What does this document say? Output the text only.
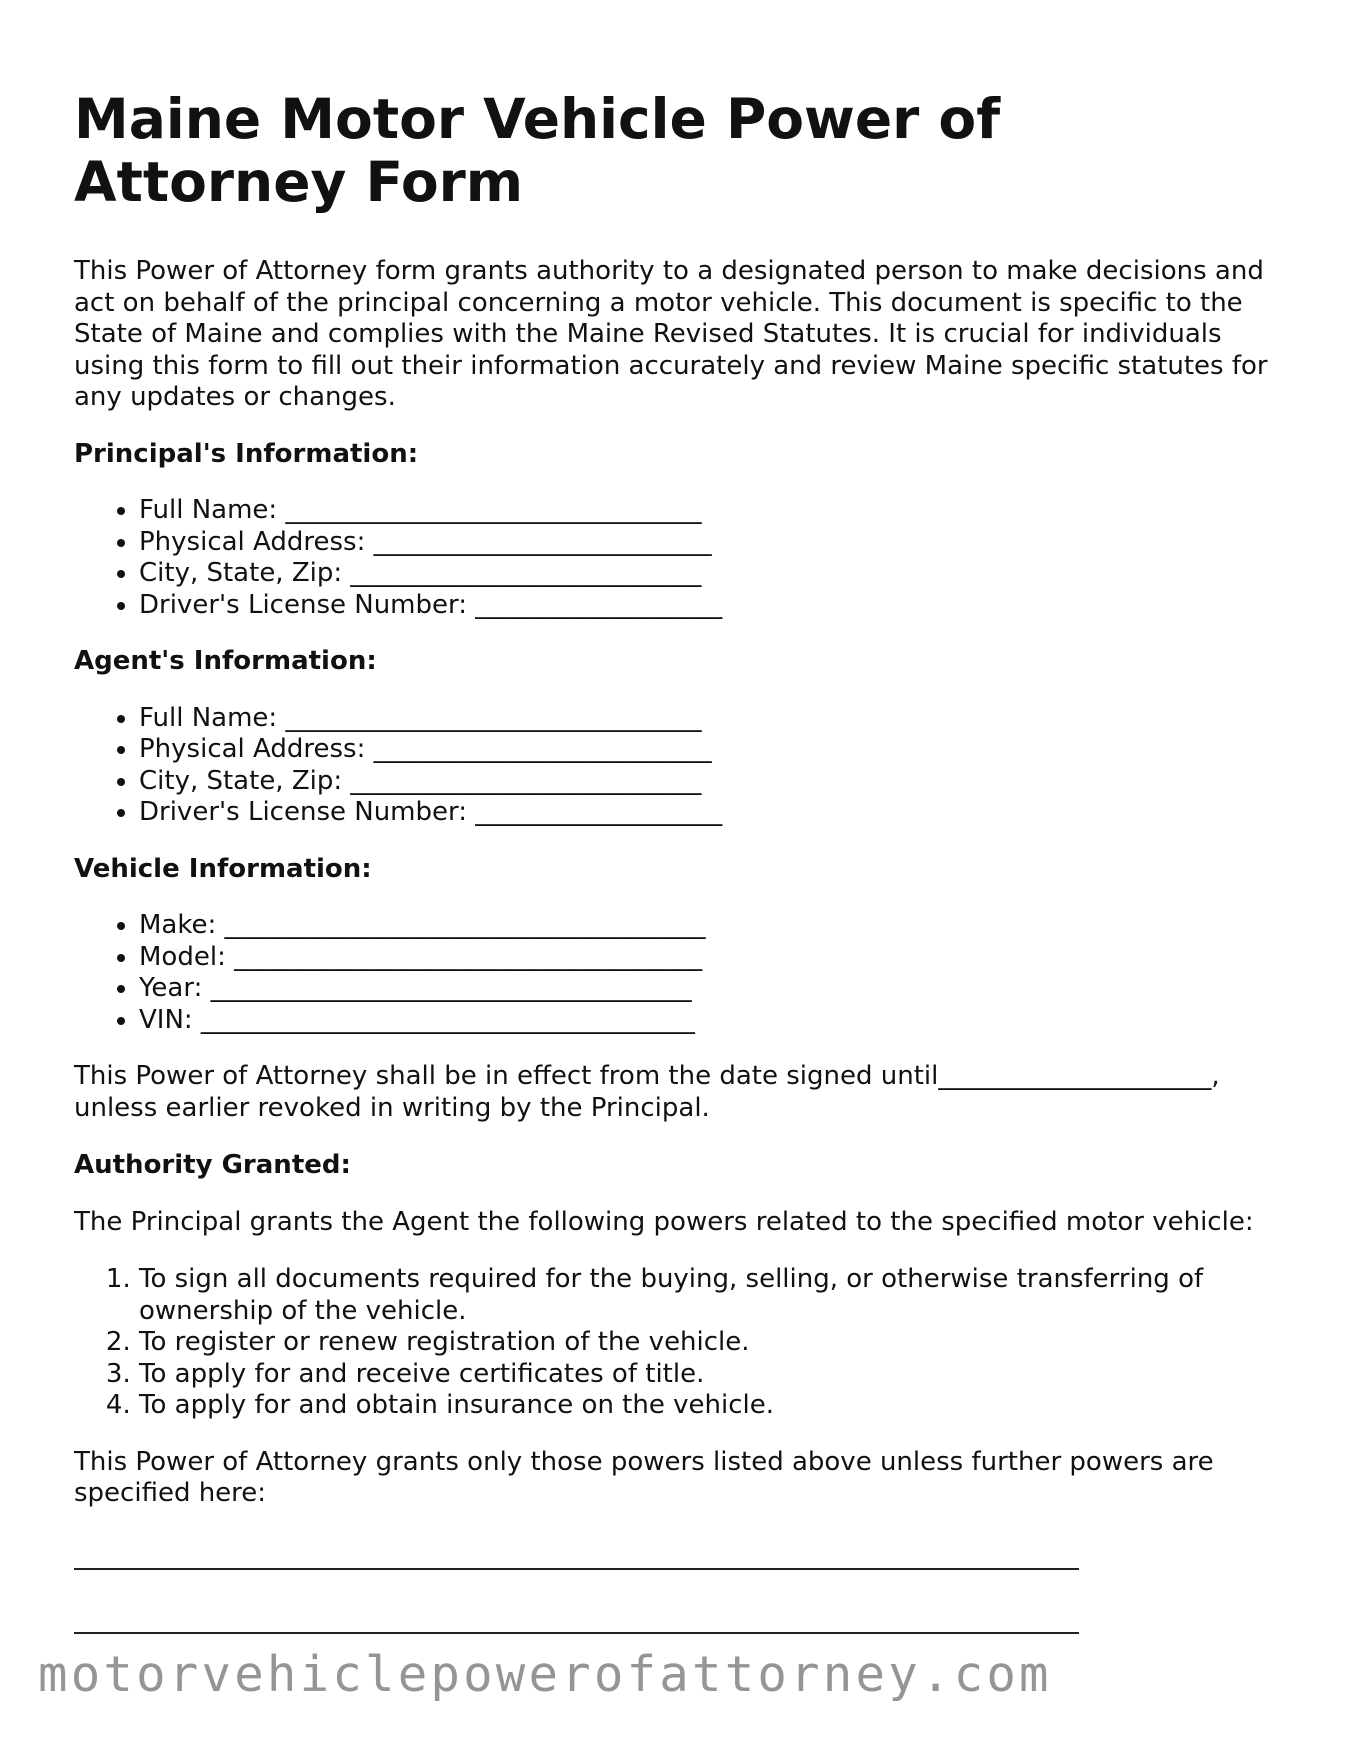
Maine Motor Vehicle Power of Attorney Form

This Power of Attorney form grants authority to a designated person to make decisions and act on behalf of the principal concerning a motor vehicle. This document is specific to the State of Maine and complies with the Maine Revised Statutes. It is crucial for individuals using this form to fill out their information accurately and review Maine specific statutes for any updates or changes.

Principal's Information:
• Full Name: ________________________________
• Physical Address: __________________________
• City, State, Zip: ___________________________
• Driver's License Number: ___________________
Agent's Information:
• Full Name: ________________________________
• Physical Address: __________________________
• City, State, Zip: ___________________________
• Driver's License Number: ___________________
Vehicle Information:
• Make: _____________________________________
• Model: ____________________________________
• Year: _____________________________________
• VIN: ______________________________________

This Power of Attorney shall be in effect from the date signed until_____________________, unless earlier revoked in writing by the Principal.

Authority Granted:

The Principal grants the Agent the following powers related to the specified motor vehicle:

1. To sign all documents required for the buying, selling, or otherwise transferring of ownership of the vehicle.
2. To register or renew registration of the vehicle.
3. To apply for and receive certificates of title.
4. To apply for and obtain insurance on the vehicle.

This Power of Attorney grants only those powers listed above unless further powers are specified here:

motorvehiclepowerofattorney.com
